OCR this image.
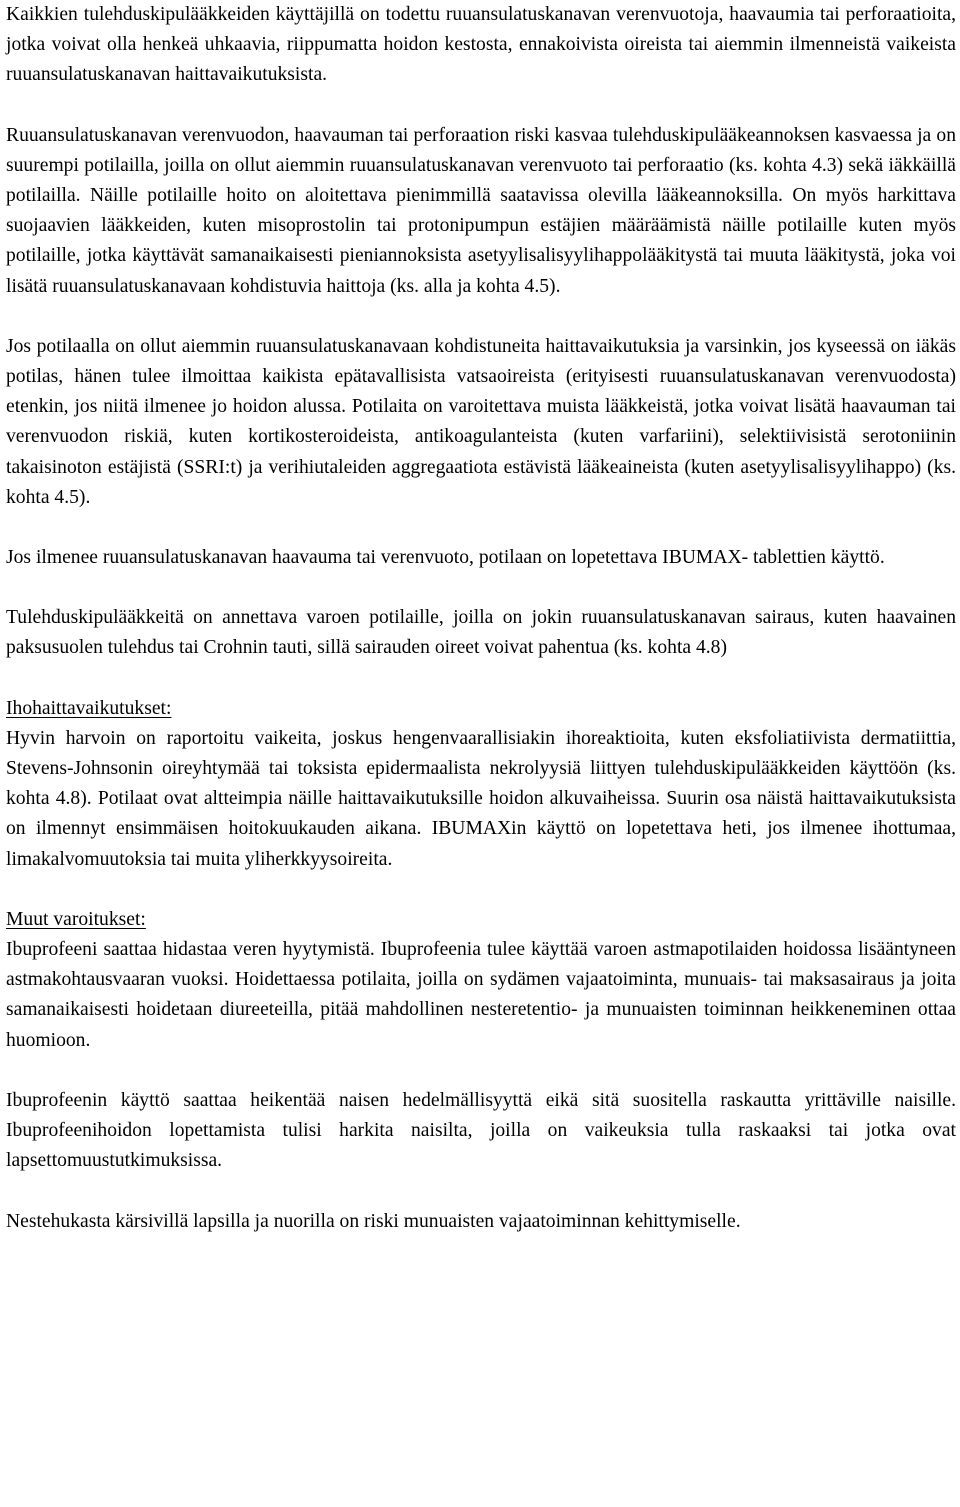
Kaikkien tulehduskipulääkkeiden käyttäjillä on todettu ruuansulatuskanavan verenvuotoja, haavaumia tai perforaatioita, jotka voivat olla henkeä uhkaavia, riippumatta hoidon kestosta, ennakoivista oireista tai aiemmin ilmenneistä vaikeista ruuansulatuskanavan haittavaikutuksista.

Ruuansulatuskanavan verenvuodon, haavauman tai perforaation riski kasvaa tulehduskipulääkeannoksen kasvaessa ja on suurempi potilailla, joilla on ollut aiemmin ruuansulatuskanavan verenvuoto tai perforaatio (ks. kohta 4.3) sekä iäkkäillä potilailla. Näille potilaille hoito on aloitettava pienimmillä saatavissa olevilla lääkeannoksilla. On myös harkittava suojaavien lääkkeiden, kuten misoprostolin tai protonipumpun estäjien määräämistä näille potilaille kuten myös potilaille, jotka käyttävät samanaikaisesti pieniannoksista asetyylisalisyylihappolääkitystä tai muuta lääkitystä, joka voi lisätä ruuansulatuskanavaan kohdistuvia haittoja (ks. alla ja kohta 4.5).

Jos potilaalla on ollut aiemmin ruuansulatuskanavaan kohdistuneita haittavaikutuksia ja varsinkin, jos kyseessä on iäkäs potilas, hänen tulee ilmoittaa kaikista epätavallisista vatsaoireista (erityisesti ruuansulatuskanavan verenvuodosta) etenkin, jos niitä ilmenee jo hoidon alussa. Potilaita on varoitettava muista lääkkeistä, jotka voivat lisätä haavauman tai verenvuodon riskiä, kuten kortikosteroideista, antikoagulanteista (kuten varfariini), selektiivisistä serotoniinin takaisinoton estäjistä (SSRI:t) ja verihiutaleiden aggregaatiota estävistä lääkeaineista (kuten asetyylisalisyylihappo) (ks. kohta 4.5).

Jos ilmenee ruuansulatuskanavan haavauma tai verenvuoto, potilaan on lopetettava IBUMAX- tablettien käyttö.

Tulehduskipulääkkeitä on annettava varoen potilaille, joilla on jokin ruuansulatuskanavan sairaus, kuten haavainen paksusuolen tulehdus tai Crohnin tauti, sillä sairauden oireet voivat pahentua (ks. kohta 4.8)

Ihohaittavaikutukset:
Hyvin harvoin on raportoitu vaikeita, joskus hengenvaarallisiakin ihoreaktioita, kuten eksfoliatiivista dermatiittia, Stevens-Johnsonin oireyhtymää tai toksista epidermaalista nekrolyysiä liittyen tulehduskipulääkkeiden käyttöön (ks. kohta 4.8). Potilaat ovat altteimpia näille haittavaikutuksille hoidon alkuvaiheissa. Suurin osa näistä haittavaikutuksista on ilmennyt ensimmäisen hoitokuukauden aikana. IBUMAXin käyttö on lopetettava heti, jos ilmenee ihottumaa, limakalvomuutoksia tai muita yliherkkyysoireita.
Muut varoitukset:
Ibuprofeeni saattaa hidastaa veren hyytymistä. Ibuprofeenia tulee käyttää varoen astmapotilaiden hoidossa lisääntyneen astmakohtausvaaran vuoksi. Hoidettaessa potilaita, joilla on sydämen vajaatoiminta, munuais- tai maksasairaus ja joita samanaikaisesti hoidetaan diureeteilla, pitää mahdollinen nesteretentio- ja munuaisten toiminnan heikkeneminen ottaa huomioon.

Ibuprofeenin käyttö saattaa heikentää naisen hedelmällisyyttä eikä sitä suositella raskautta yrittäville naisille. Ibuprofeenihoidon lopettamista tulisi harkita naisilta, joilla on vaikeuksia tulla raskaaksi tai jotka ovat lapsettomuustutkimuksissa.

Nestehukasta kärsivillä lapsilla ja nuorilla on riski munuaisten vajaatoiminnan kehittymiselle.
